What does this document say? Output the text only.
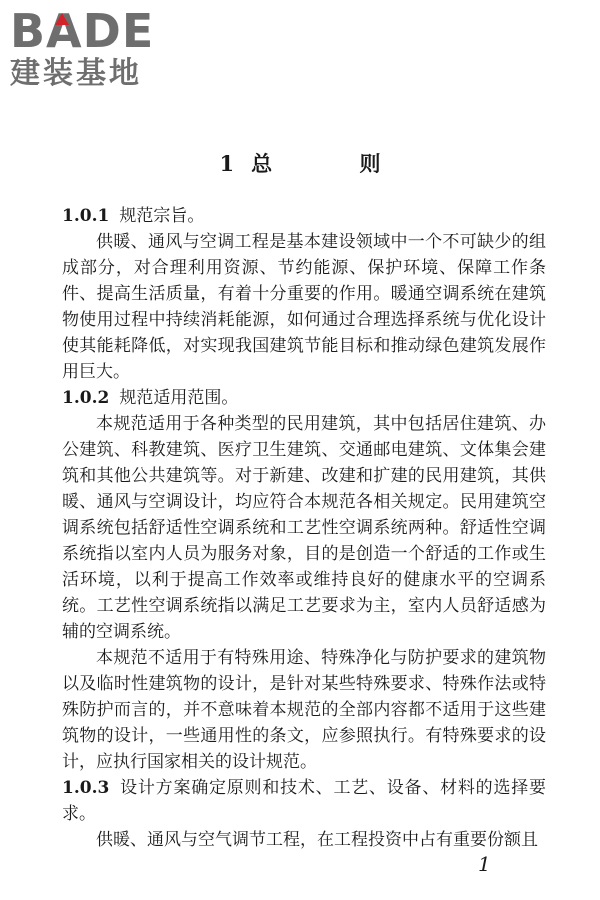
BADE
建装基地
1 总 则

1.0.1 规范宗旨。

供暖、通风与空调工程是基本建设领域中一个不可缺少的组成部分，对合理利用资源、节约能源、保护环境、保障工作条件、提高生活质量，有着十分重要的作用。暖通空调系统在建筑物使用过程中持续消耗能源，如何通过合理选择系统与优化设计使其能耗降低，对实现我国建筑节能目标和推动绿色建筑发展作用巨大。

1.0.2 规范适用范围。

本规范适用于各种类型的民用建筑，其中包括居住建筑、办公建筑、科教建筑、医疗卫生建筑、交通邮电建筑、文体集会建筑和其他公共建筑等。对于新建、改建和扩建的民用建筑，其供暖、通风与空调设计，均应符合本规范各相关规定。民用建筑空调系统包括舒适性空调系统和工艺性空调系统两种。舒适性空调系统指以室内人员为服务对象，目的是创造一个舒适的工作或生活环境，以利于提高工作效率或维持良好的健康水平的空调系统。工艺性空调系统指以满足工艺要求为主，室内人员舒适感为辅的空调系统。

本规范不适用于有特殊用途、特殊净化与防护要求的建筑物以及临时性建筑物的设计，是针对某些特殊要求、特殊作法或特殊防护而言的，并不意味着本规范的全部内容都不适用于这些建筑物的设计，一些通用性的条文，应参照执行。有特殊要求的设计，应执行国家相关的设计规范。

1.0.3 设计方案确定原则和技术、工艺、设备、材料的选择要求。

供暖、通风与空气调节工程，在工程投资中占有重要份额且

1
